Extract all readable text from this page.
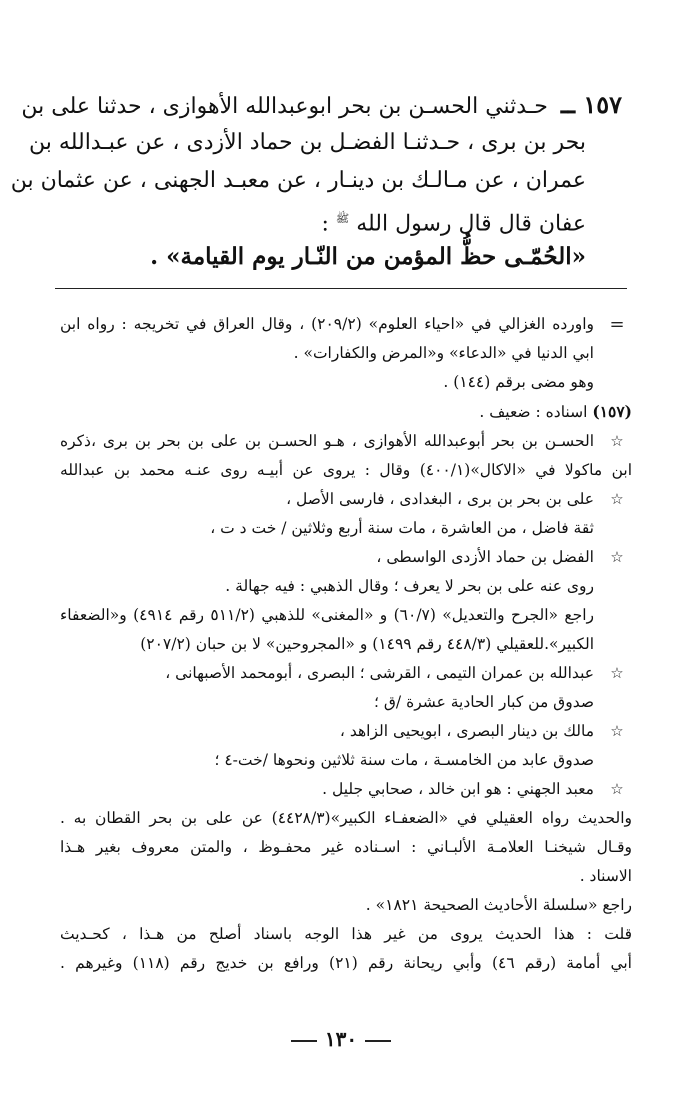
١٥٧ ــ حـدثني الحسـن بن بحر ابوعبدالله الأهوازى ، حدثنا على بن
بحر بن برى ، حـدثنـا الفضـل بن حماد الأزدى ، عن عبـدالله بن
عمران ، عن مـالـك بن دينـار ، عن معبـد الجهنى ، عن عثمان بن
عفان قال قال رسول الله $^ﷺ$ :
«الحُمّـى حظُّ المؤمن من النّـار يوم القيامة» .
=
واورده الغزالي في «احياء العلوم» (٢٠٩/٢) ، وقال العراق في تخريجه : رواه ابن
ابي الدنيا في «الدعاء» و«المرض والكفارات» .
وهو مضى برقم (١٤٤) .
(١٥٧) اسناده : ضعيف .
☆
الحسـن بن بحر أبوعبدالله الأهوازى ، هـو الحسـن بن على بن بحر بن برى ،ذكره
ابن ماكولا في «الاكال»(٤٠٠/١) وقال : يروى عن أبيـه روى عنـه محمد بن عبدالله
☆
على بن بحر بن برى ، البغدادى ، فارسى الأصل ،
ثقة فاضل ، من العاشرة ، مات سنة أربع وثلاثين / خت د ت ،
☆
الفضل بن حماد الأزدى الواسطى ،
روى عنه على بن بحر لا يعرف ؛ وقال الذهبي : فيه جهالة .
راجع «الجرح والتعديل» (٦٠/٧) و «المغنى» للذهبي (٥١١/٢ رقم ٤٩١٤) و«الضعفاء
الكبير».للعقيلي (٤٤٨/٣ رقم ١٤٩٩) و «المجروحين» لا بن حبان (٢٠٧/٢)
☆
عبدالله بن عمران التيمى ، القرشى ؛ البصرى ، أبومحمد الأصبهانى ،
صدوق من كبار الحادية عشرة /ق ؛
☆
مالك بن دينار البصرى ، ابويحيى الزاهد ،
صدوق عابد من الخامسـة ، مات سنة ثلاثين ونحوها /خت-٤ ؛
☆
معبد الجهني : هو ابن خالد ، صحابي جليل .
والحديث رواه العقيلي في «الضعفـاء الكبير»(٤٤٢٨/٣) عن على بن بحر القطان به .
وقـال شيخنـا العلامـة الألبـاني : اسـناده غير محفـوظ ، والمتن معروف بغير هـذا
الاسناد .
راجع «سلسلة الأحاديث الصحيحة ١٨٢١» .
قلت : هذا الحديث يروى من غير هذا الوجه باسناد أصلح من هـذا ، كحـديث
أبي أمامة (رقم ٤٦) وأبي ريحانة رقم (٢١) ورافع بن خديج رقم (١١٨) وغيرهم .
١٣٠
